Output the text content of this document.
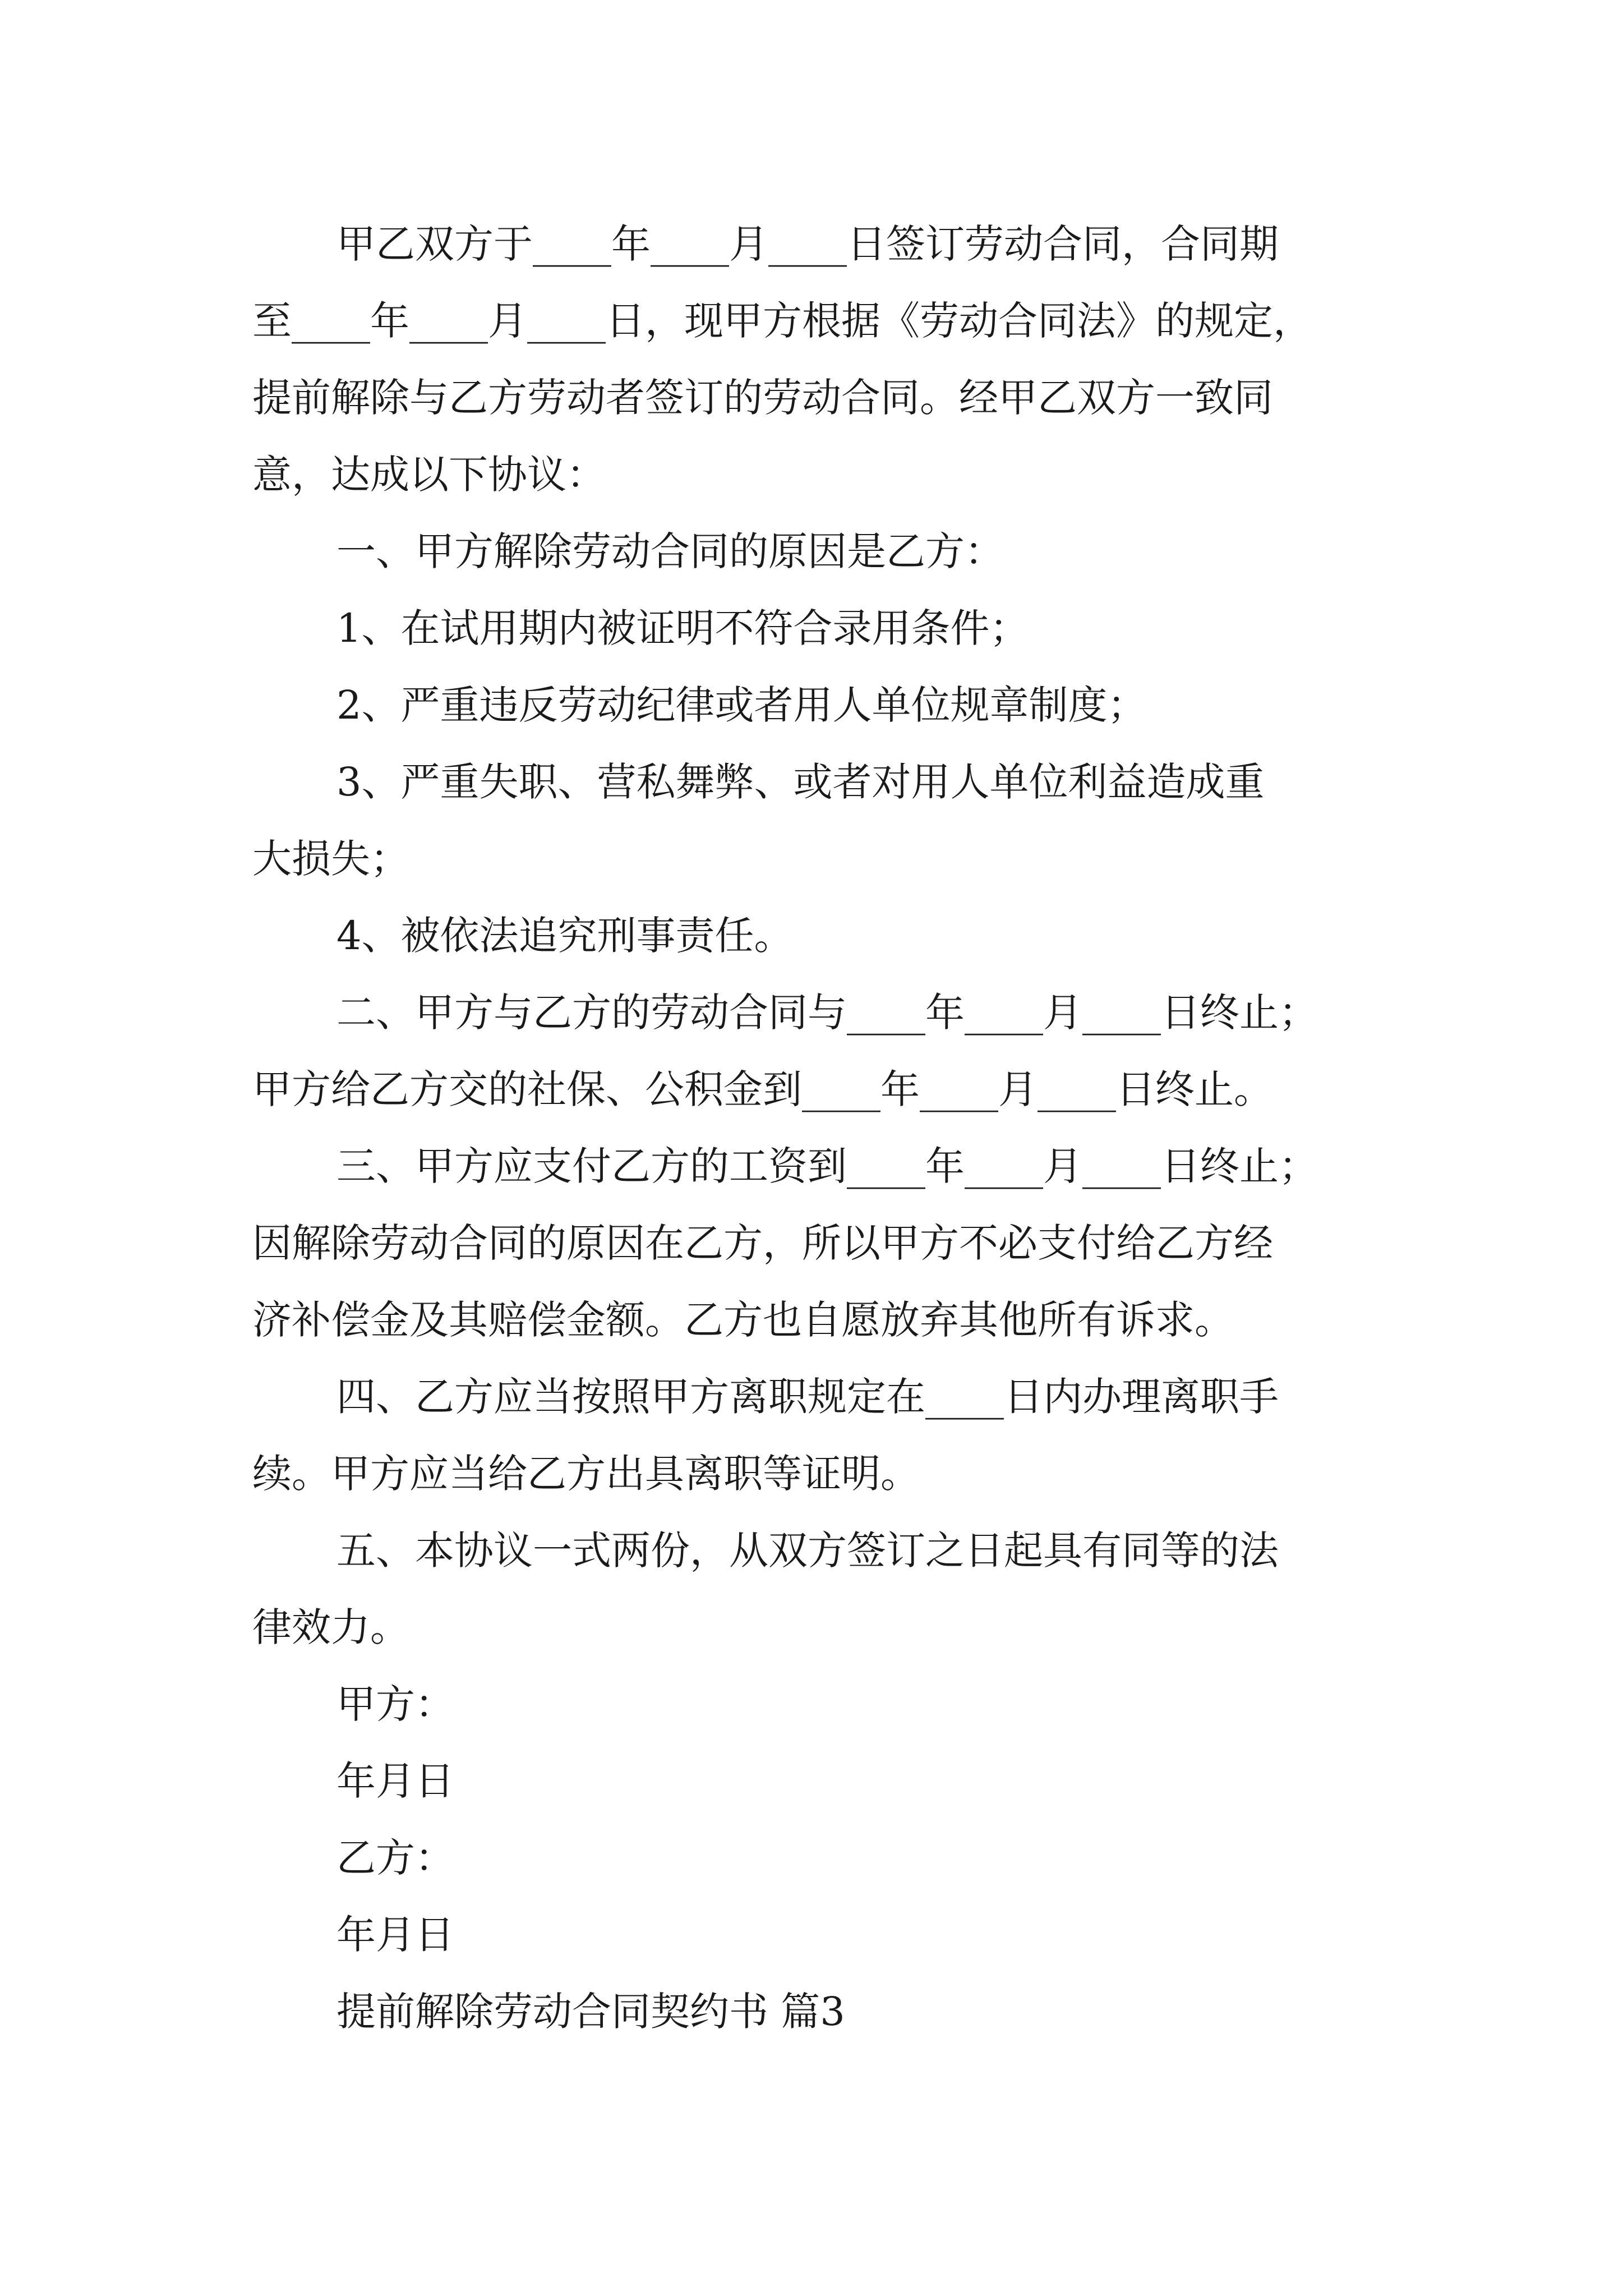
甲乙双方于____年____月____日签订劳动合同，合同期
至____年____月____日，现甲方根据《劳动合同法》的规定，
提前解除与乙方劳动者签订的劳动合同。经甲乙双方一致同
意，达成以下协议：
一、甲方解除劳动合同的原因是乙方：
1、在试用期内被证明不符合录用条件；
2、严重违反劳动纪律或者用人单位规章制度；
3、严重失职、营私舞弊、或者对用人单位利益造成重
大损失；
4、被依法追究刑事责任。
二、甲方与乙方的劳动合同与____年____月____日终止；
甲方给乙方交的社保、公积金到____年____月____日终止。
三、甲方应支付乙方的工资到____年____月____日终止；
因解除劳动合同的原因在乙方，所以甲方不必支付给乙方经
济补偿金及其赔偿金额。乙方也自愿放弃其他所有诉求。
四、乙方应当按照甲方离职规定在____日内办理离职手
续。甲方应当给乙方出具离职等证明。
五、本协议一式两份，从双方签订之日起具有同等的法
律效力。
甲方：
年月日
乙方：
年月日
提前解除劳动合同契约书 篇3
